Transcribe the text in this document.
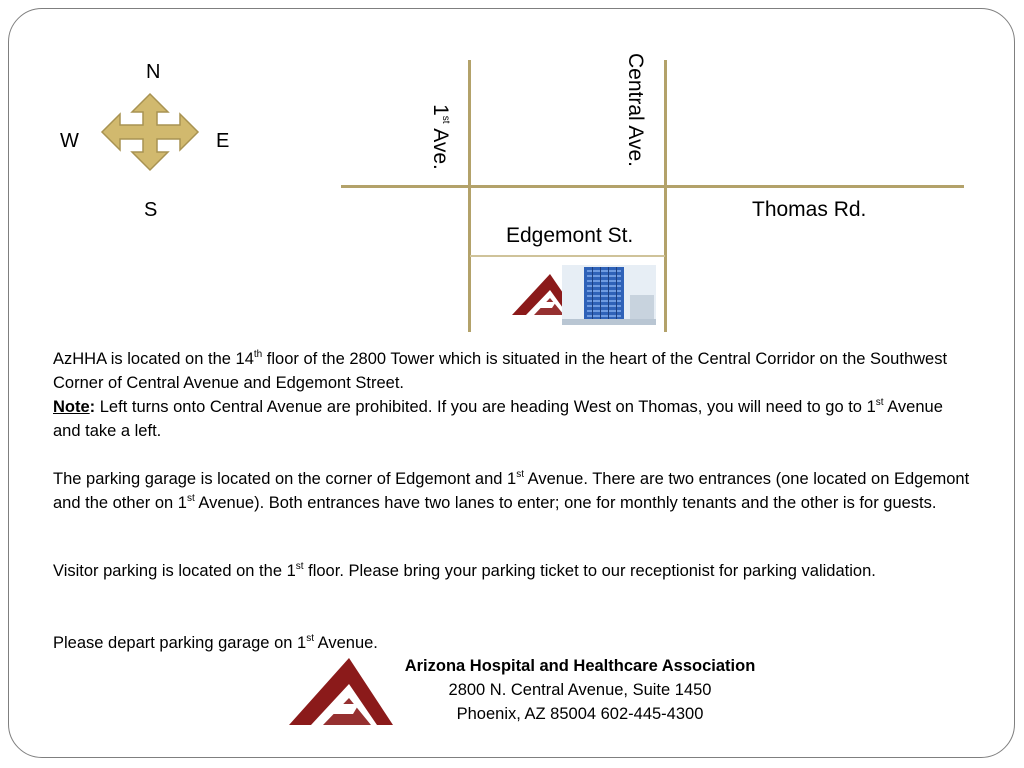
N
W	E
S
1st Ave.	Central Ave.
Thomas Rd.
Edgemont St.

AzHHA is located on the 14th floor of the 2800 Tower which is situated in the heart of the Central Corridor on the Southwest Corner of Central Avenue and Edgemont Street.

Note: Left turns onto Central Avenue are prohibited. If you are heading West on Thomas, you will need to go to 1st Avenue and take a left.

The parking garage is located on the corner of Edgemont and 1st Avenue. There are two entrances (one located on Edgemont and the other on 1st Avenue). Both entrances have two lanes to enter; one for monthly tenants and the other is for guests.

Visitor parking is located on the 1st floor. Please bring your parking ticket to our receptionist for parking validation.

Please depart parking garage on 1st Avenue.

Arizona Hospital and Healthcare Association
2800 N. Central Avenue, Suite 1450
Phoenix, AZ 85004 602-445-4300
